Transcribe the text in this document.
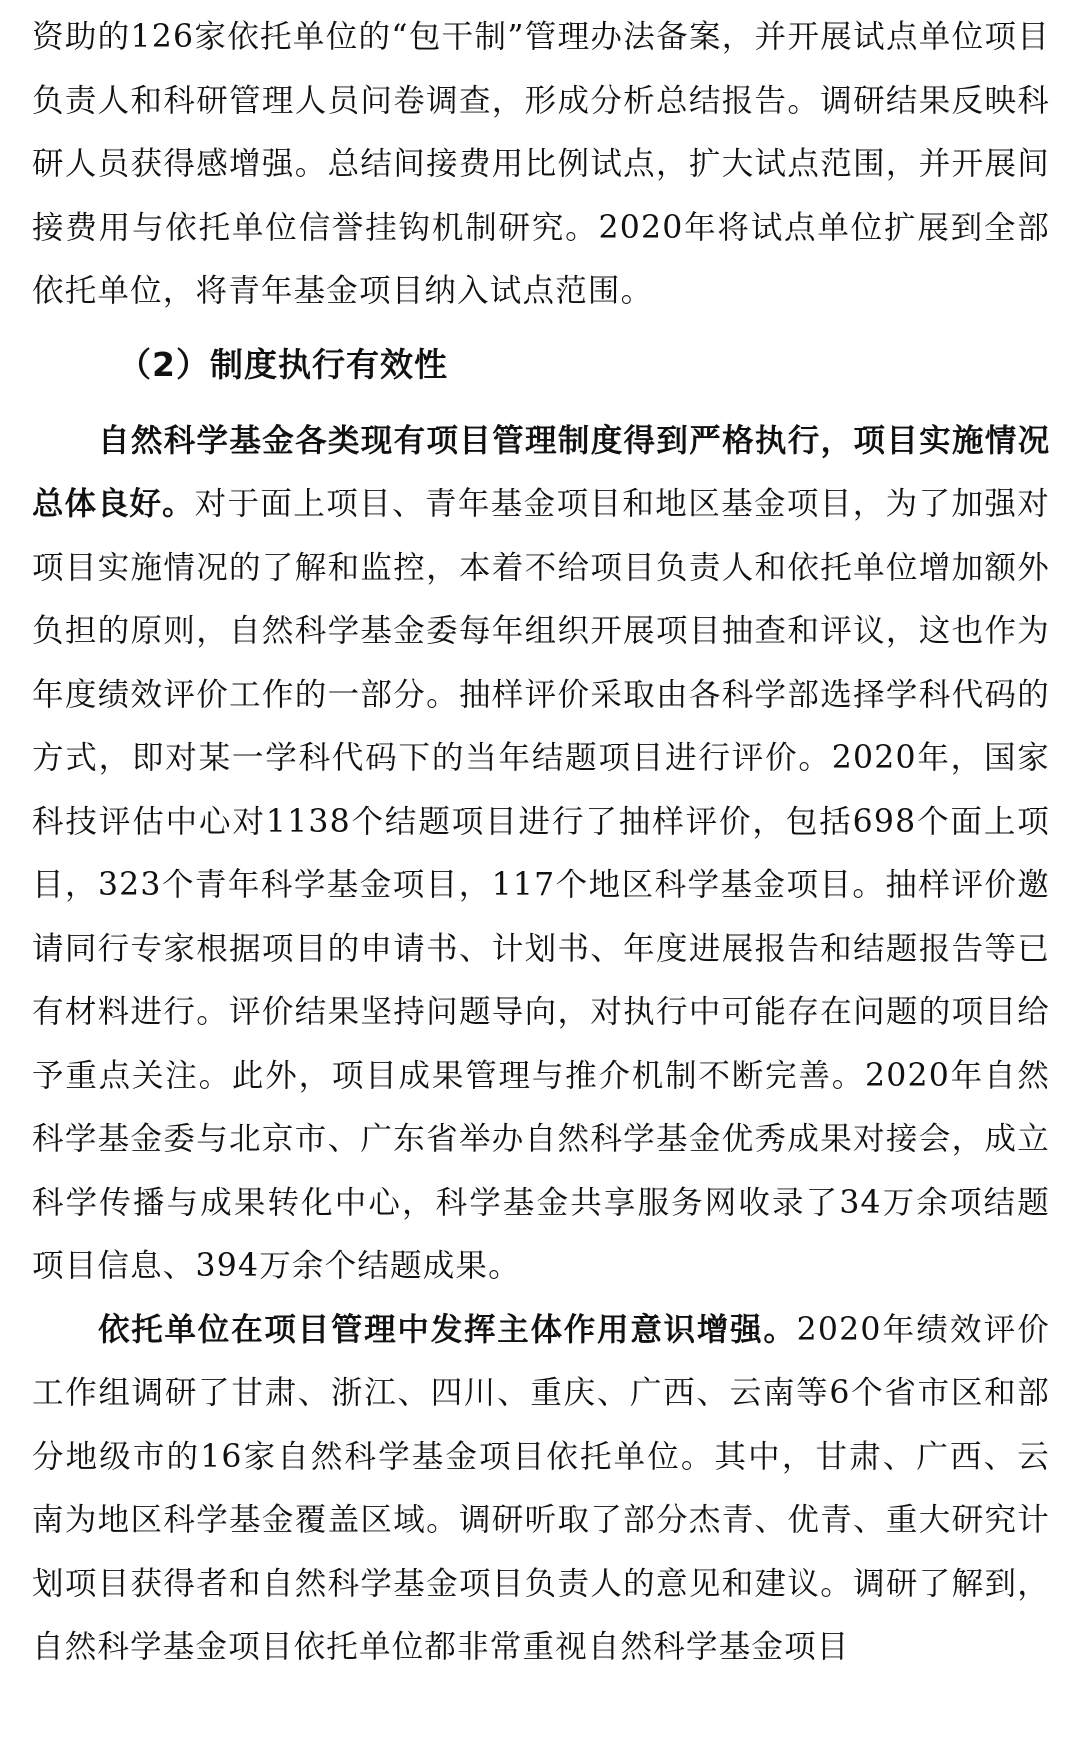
资助的126家依托单位的“包干制”管理办法备案，并开展试点单位项目负责人和科研管理人员问卷调查，形成分析总结报告。调研结果反映科研人员获得感增强。总结间接费用比例试点，扩大试点范围，并开展间接费用与依托单位信誉挂钩机制研究。2020年将试点单位扩展到全部依托单位，将青年基金项目纳入试点范围。

（2）制度执行有效性

自然科学基金各类现有项目管理制度得到严格执行，项目实施情况总体良好。对于面上项目、青年基金项目和地区基金项目，为了加强对项目实施情况的了解和监控，本着不给项目负责人和依托单位增加额外负担的原则，自然科学基金委每年组织开展项目抽查和评议，这也作为年度绩效评价工作的一部分。抽样评价采取由各科学部选择学科代码的方式，即对某一学科代码下的当年结题项目进行评价。2020年，国家科技评估中心对1138个结题项目进行了抽样评价，包括698个面上项目，323个青年科学基金项目，117个地区科学基金项目。抽样评价邀请同行专家根据项目的申请书、计划书、年度进展报告和结题报告等已有材料进行。评价结果坚持问题导向，对执行中可能存在问题的项目给予重点关注。此外，项目成果管理与推介机制不断完善。2020年自然科学基金委与北京市、广东省举办自然科学基金优秀成果对接会，成立科学传播与成果转化中心，科学基金共享服务网收录了34万余项结题项目信息、394万余个结题成果。

依托单位在项目管理中发挥主体作用意识增强。2020年绩效评价工作组调研了甘肃、浙江、四川、重庆、广西、云南等6个省市区和部分地级市的16家自然科学基金项目依托单位。其中，甘肃、广西、云南为地区科学基金覆盖区域。调研听取了部分杰青、优青、重大研究计划项目获得者和自然科学基金项目负责人的意见和建议。调研了解到，自然科学基金项目依托单位都非常重视自然科学基金项目
